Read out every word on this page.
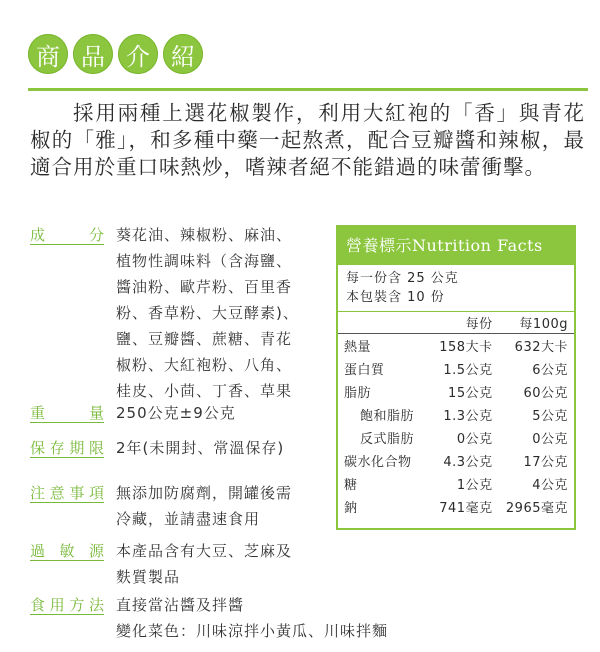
商 品 介 紹
採用兩種上選花椒製作，利用大紅袍的「香」與青花椒的「雅」，和多種中藥一起熬煮，配合豆瓣醬和辣椒，最適合用於重口味熱炒，嗜辣者絕不能錯過的味蕾衝擊。
成　分 葵花油、辣椒粉、麻油、
植物性調味料（含海鹽、
醬油粉、歐芹粉、百里香
粉、香草粉、大豆酵素)、
鹽、豆瓣醬、蔗糖、青花
椒粉、大紅袍粉、八角、
桂皮、小茴、丁香、草果
重　量 250公克±9公克
保存期限 2年(未開封、常溫保存)
注意事項 無添加防腐劑，開罐後需
冷藏，並請盡速食用
過 敏 源 本產品含有大豆、芝麻及
麩質製品
食用方法 直接當沾醬及拌醬
變化菜色：川味涼拌小黃瓜、川味拌麵
營養標示Nutrition Facts
每一份含 25 公克
本包裝含 10 份
	每份	每100g
熱量	158大卡	632大卡
蛋白質	1.5公克	6公克
脂肪	15公克	60公克
飽和脂肪	1.3公克	5公克
反式脂肪	0公克	0公克
碳水化合物	4.3公克	17公克
糖	1公克	4公克
鈉	741毫克	2965毫克
